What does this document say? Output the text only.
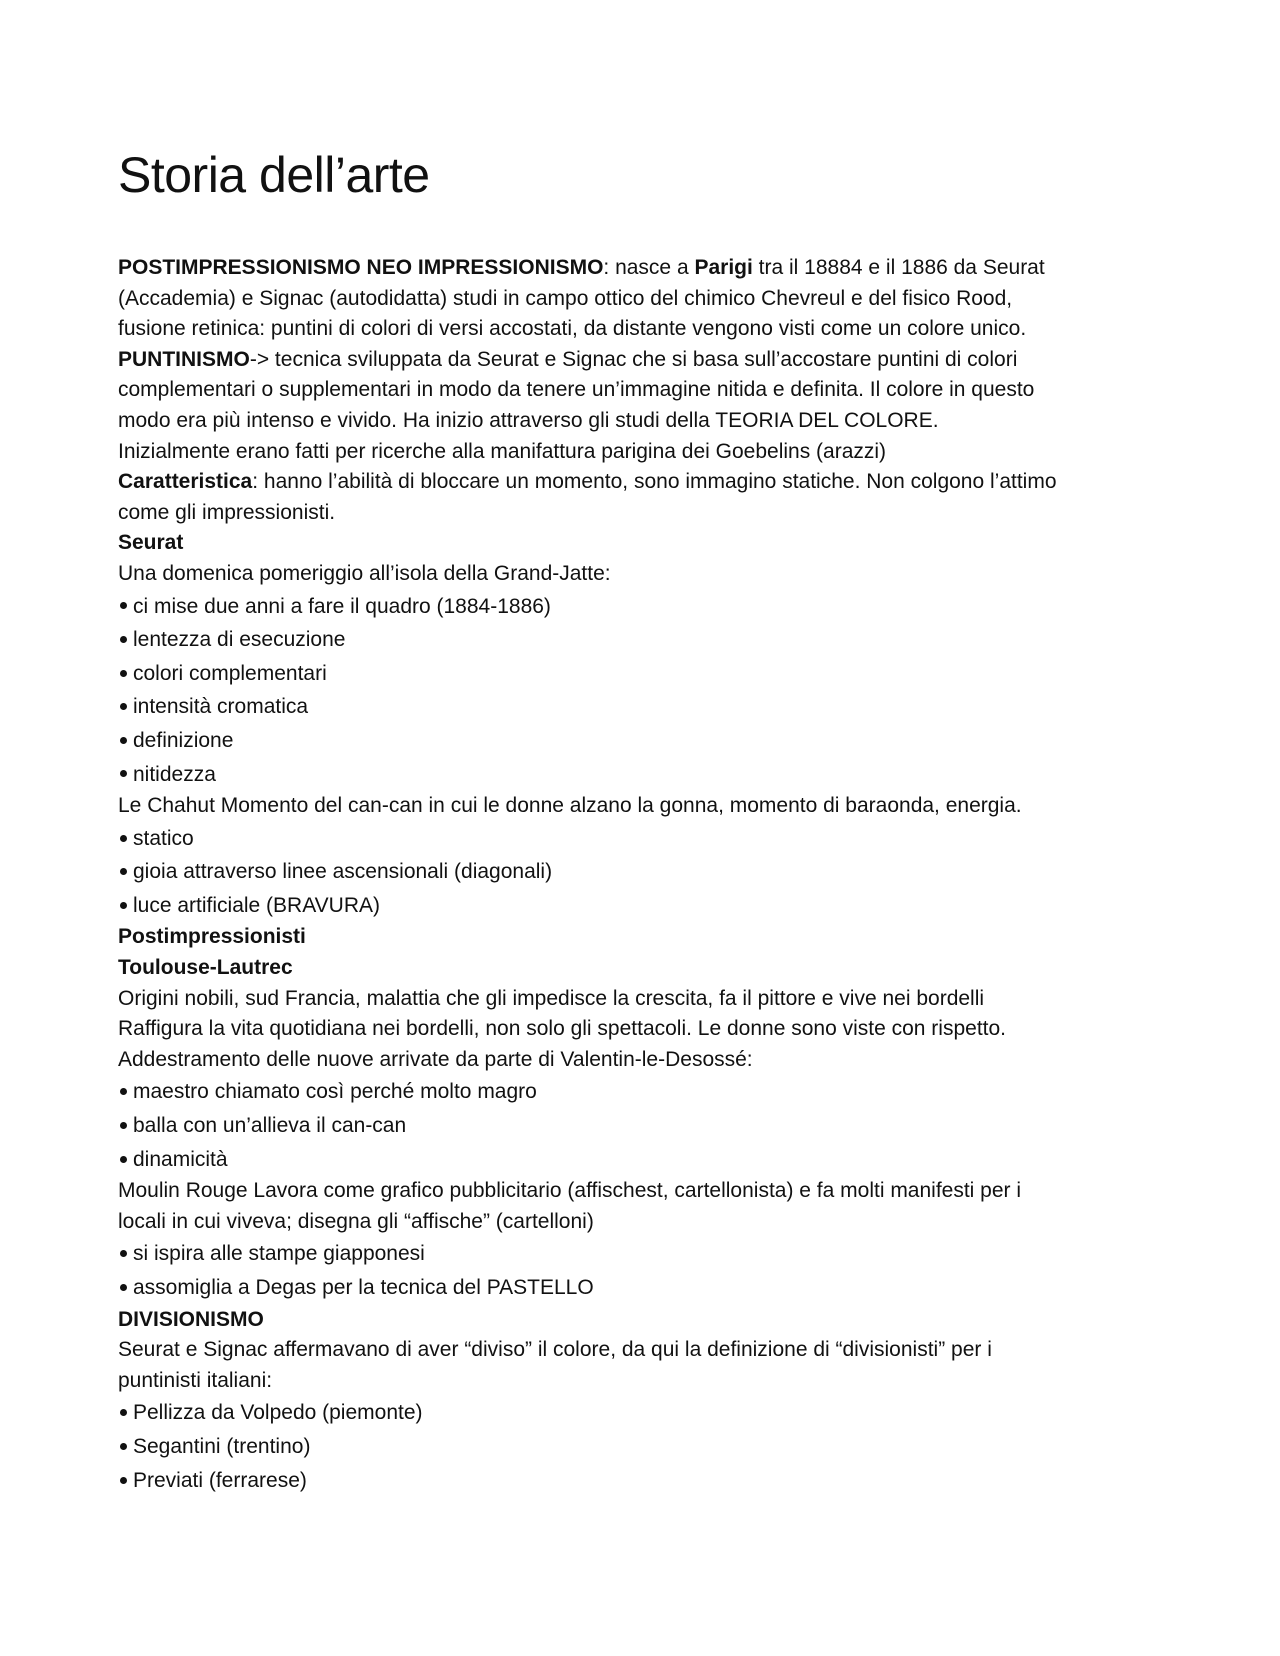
Storia dell’arte

POSTIMPRESSIONISMO NEO IMPRESSIONISMO: nasce a Parigi tra il 18884 e il 1886 da Seurat

(Accademia) e Signac (autodidatta) studi in campo ottico del chimico Chevreul e del fisico Rood,

fusione retinica: puntini di colori di versi accostati, da distante vengono visti come un colore unico.

PUNTINISMO-> tecnica sviluppata da Seurat e Signac che si basa sull’accostare puntini di colori

complementari o supplementari in modo da tenere un’immagine nitida e definita. Il colore in questo

modo era più intenso e vivido. Ha inizio attraverso gli studi della TEORIA DEL COLORE.

Inizialmente erano fatti per ricerche alla manifattura parigina dei Goebelins (arazzi)

Caratteristica: hanno l’abilità di bloccare un momento, sono immagino statiche. Non colgono l’attimo

come gli impressionisti.

Seurat

Una domenica pomeriggio all’isola della Grand-Jatte:

ci mise due anni a fare il quadro (1884-1886)

lentezza di esecuzione

colori complementari

intensità cromatica

definizione

nitidezza

Le Chahut Momento del can-can in cui le donne alzano la gonna, momento di baraonda, energia.

statico

gioia attraverso linee ascensionali (diagonali)

luce artificiale (BRAVURA)

Postimpressionisti

Toulouse-Lautrec

Origini nobili, sud Francia, malattia che gli impedisce la crescita, fa il pittore e vive nei bordelli

Raffigura la vita quotidiana nei bordelli, non solo gli spettacoli. Le donne sono viste con rispetto.

Addestramento delle nuove arrivate da parte di Valentin-le-Desossé:

maestro chiamato così perché molto magro

balla con un’allieva il can-can

dinamicità

Moulin Rouge Lavora come grafico pubblicitario (affischest, cartellonista) e fa molti manifesti per i

locali in cui viveva; disegna gli “affische” (cartelloni)

si ispira alle stampe giapponesi

assomiglia a Degas per la tecnica del PASTELLO

DIVISIONISMO

Seurat e Signac affermavano di aver “diviso” il colore, da qui la definizione di “divisionisti” per i

puntinisti italiani:

Pellizza da Volpedo (piemonte)

Segantini (trentino)

Previati (ferrarese)
